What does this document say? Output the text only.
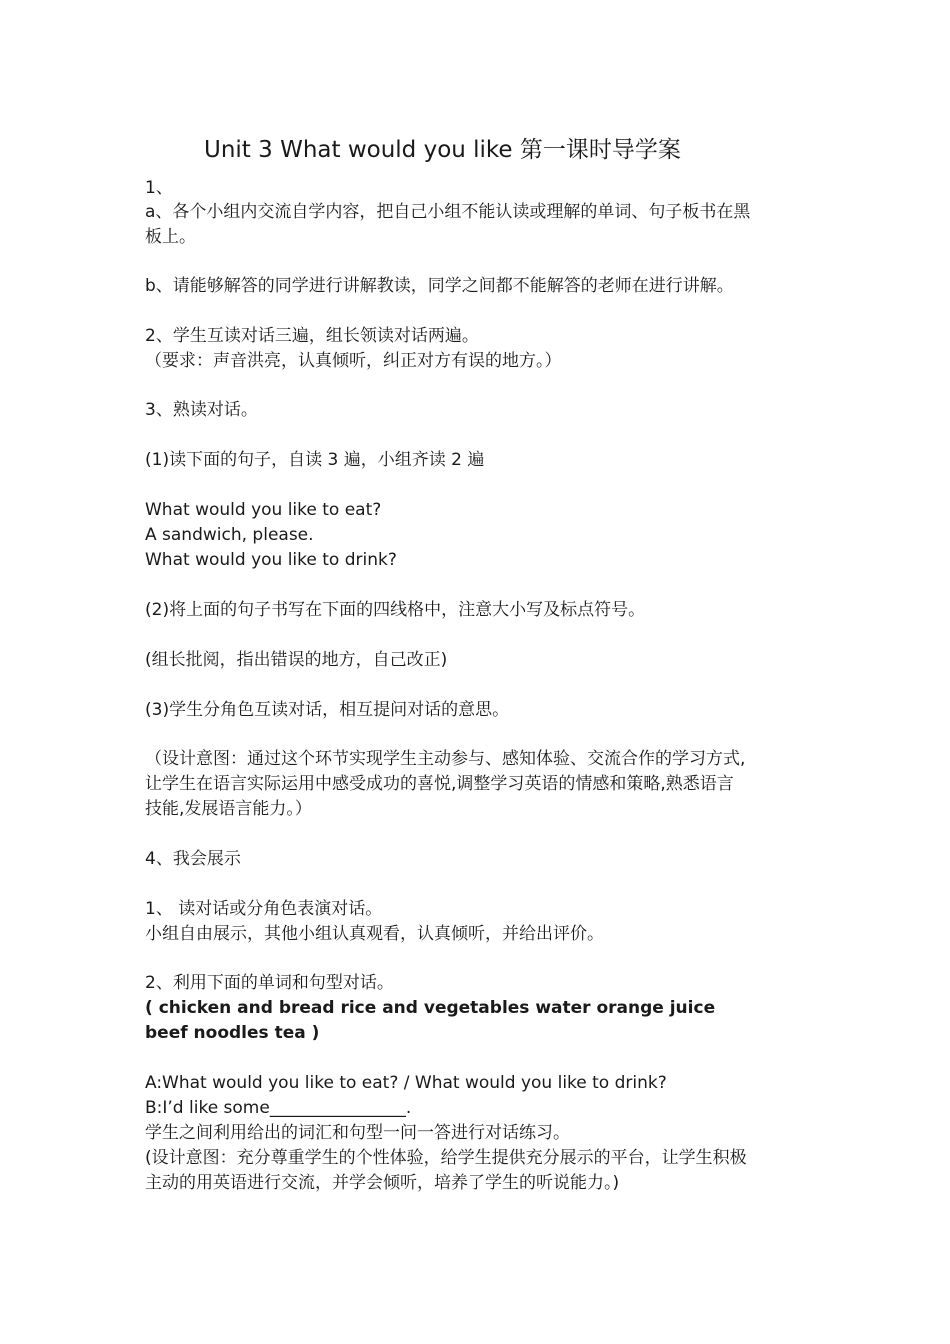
Unit 3 What would you like 第一课时导学案
1、
a、各个小组内交流自学内容，把自己小组不能认读或理解的单词、句子板书在黑
板上。
b、请能够解答的同学进行讲解教读，同学之间都不能解答的老师在进行讲解。
2、学生互读对话三遍，组长领读对话两遍。
（要求：声音洪亮，认真倾听，纠正对方有误的地方。）
3、熟读对话。
(1)读下面的句子，自读 3 遍，小组齐读 2 遍
What would you like to eat?
A sandwich, please.
What would you like to drink?
(2)将上面的句子书写在下面的四线格中，注意大小写及标点符号。
(组长批阅，指出错误的地方，自己改正)
(3)学生分角色互读对话，相互提问对话的意思。
（设计意图：通过这个环节实现学生主动参与、感知体验、交流合作的学习方式,
让学生在语言实际运用中感受成功的喜悦,调整学习英语的情感和策略,熟悉语言
技能,发展语言能力。）
4、我会展示
1、 读对话或分角色表演对话。
小组自由展示，其他小组认真观看，认真倾听，并给出评价。
2、利用下面的单词和句型对话。
( chicken and bread rice and vegetables water orange juice
beef noodles tea )
A:What would you like to eat? / What would you like to drink?
B:I’d like some________________.
学生之间利用给出的词汇和句型一问一答进行对话练习。
(设计意图：充分尊重学生的个性体验，给学生提供充分展示的平台，让学生积极
主动的用英语进行交流，并学会倾听，培养了学生的听说能力。)
